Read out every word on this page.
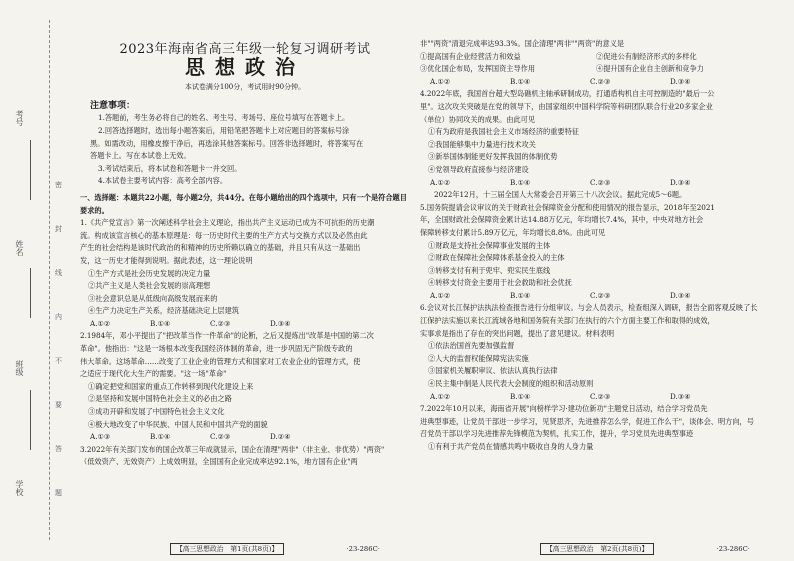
考号
姓名
班级
学校
密
封
线
内
不
要
答
题
2023年海南省高三年级一轮复习调研考试
思想政治
本试卷满分100分，考试用时90分钟。

注意事项：

1.答题前，考生务必将自己的姓名、考生号、考场号、座位号填写在答题卡上。

2.回答选择题时，选出每小题答案后，用铅笔把答题卡上对应题目的答案标号涂

黑。如需改动，用橡皮擦干净后，再选涂其他答案标号。回答非选择题时，将答案写在

答题卡上。写在本试卷上无效。

3.考试结束后，将本试卷和答题卡一并交回。

4.本试卷主要考试内容：高考全部内容。

一、选择题：本题共22小题，每小题2分，共44分。在每小题给出的四个选项中，只有一个是符合题目要求的。

1.《共产党宣言》第一次阐述科学社会主义理论，指出共产主义运动已成为不可抗拒的历史潮

流。构成该宣言核心的基本原理是：每一历史时代主要的生产方式与交换方式以及必然由此

产生的社会结构是该时代政治的和精神的历史所赖以确立的基础，并且只有从这一基础出

发，这一历史才能得到说明。据此表述，这一理论说明

①生产方式是社会历史发展的决定力量

②共产主义是人类社会发展的崇高理想

③社会意识总是从低级向高级发展而来的

④生产力决定生产关系，经济基础决定上层建筑

A.①②	B.①④	C.②③	D.③④

2.1984年，邓小平提出了"把改革当作一件革命"的论断，之后又提炼出"改革是中国的第二次

革命"。他指出："这是一场根本改变我国经济体制的革命，进一步巩固无产阶级专政的

伟大革命。这场革命……改变了工业企业的管理方式和国家对工农业企业的管理方式，使

之适应于现代化大生产的需要。"这一场"革命"

①确定把党和国家的重点工作转移到现代化建设上来

②是坚持和发展中国特色社会主义的必由之路

③成功开辟和发展了中国特色社会主义文化

④极大地改变了中华民族、中国人民和中国共产党的面貌

A.①③	B.①④	C.②③	D.②④

3.2022年有关部门发布的国企改革三年成就显示，国企在清理"两非"（非主业、非优势）"两资"

（低效资产、无效资产）上成效明显，全国国有企业完成率达92.1%，地方国有企业"两

【高三思想政治　第1页(共8页)】	·23-286C·

非""两资"清退完成率达93.3%。国企清理"两非""两资"的意义是

①提高国有企业经营活力和效益	②促进公有制经济形式的多样化
③优化国企布局，发挥国资主导作用	④提升国有企业自主创新和竞争力
A.①②	B.①④	C.②③	D.③④

4.2022年底，我国首台超大型岛礁机主轴承研制成功，打通盾构机自主可控制造的"最后一公

里"。这次攻关突破是在党的领导下，由国家组织中国科学院等科研团队联合行业20多家企业

（单位）协同攻关的成果。由此可见

①有为政府是我国社会主义市场经济的重要特征

②我国能够集中力量进行技术攻关

③新举国体制能更好发挥我国的体制优势

④党领导政府直接参与经济建设

A.①②	B.①④	C.②③	D.③④

2022年12月，十三届全国人大常委会召开第三十八次会议。据此完成5～6题。

5.国务院提请会议审议的关于财政社会保障资金分配和使用情况的报告显示，2018年至2021

年，全国财政社会保障资金累计达14.88万亿元，年均增长7.4%，其中，中央对地方社会

保障转移支付累计5.89万亿元，年均增长8.8%。由此可见

①财政是支持社会保障事业发展的主体

②财政在保障社会保障体系基金投入的主体

③转移支付有利于兜牢、兜实民生底线

④转移支付资金主要用于社会救助和社会优抚

A.①②	B.①④	C.②③	D.③④

6.会议对长江保护法执法检查报告进行分组审议。与会人员表示，检查组深入调研，报告全面客观反映了长

江保护法实施以来长江流域各地和国务院有关部门在执行的六个方面主要工作和取得的成效，

实事求是指出了存在的突出问题，提出了意见建议。材料表明

①依法治国首先要加强监督

②人大的监督权能保障宪法实施

③国家机关履职审议、依法认真执行法律

④民主集中制是人民代表大会制度的组织和活动原则

A.①②	B.①④	C.②③	D.③④

7.2022年10月以来，海南省开展"向榜样学习·建功位新功"主题党日活动，结合学习党员先

进典型事迹，让党员干部进一步学习，见贤思齐，先进推荐怎么学，促进工作么干"，谈体会、明方向，号

召党员干部以学习先进推荐先锋模范为契机，扎实工作，提升，学习党员先进典型事迹

①有利于共产党员在情感共鸣中吸收自身的人身力量

【高三思想政治　第2页(共8页)】	·23-286C·
